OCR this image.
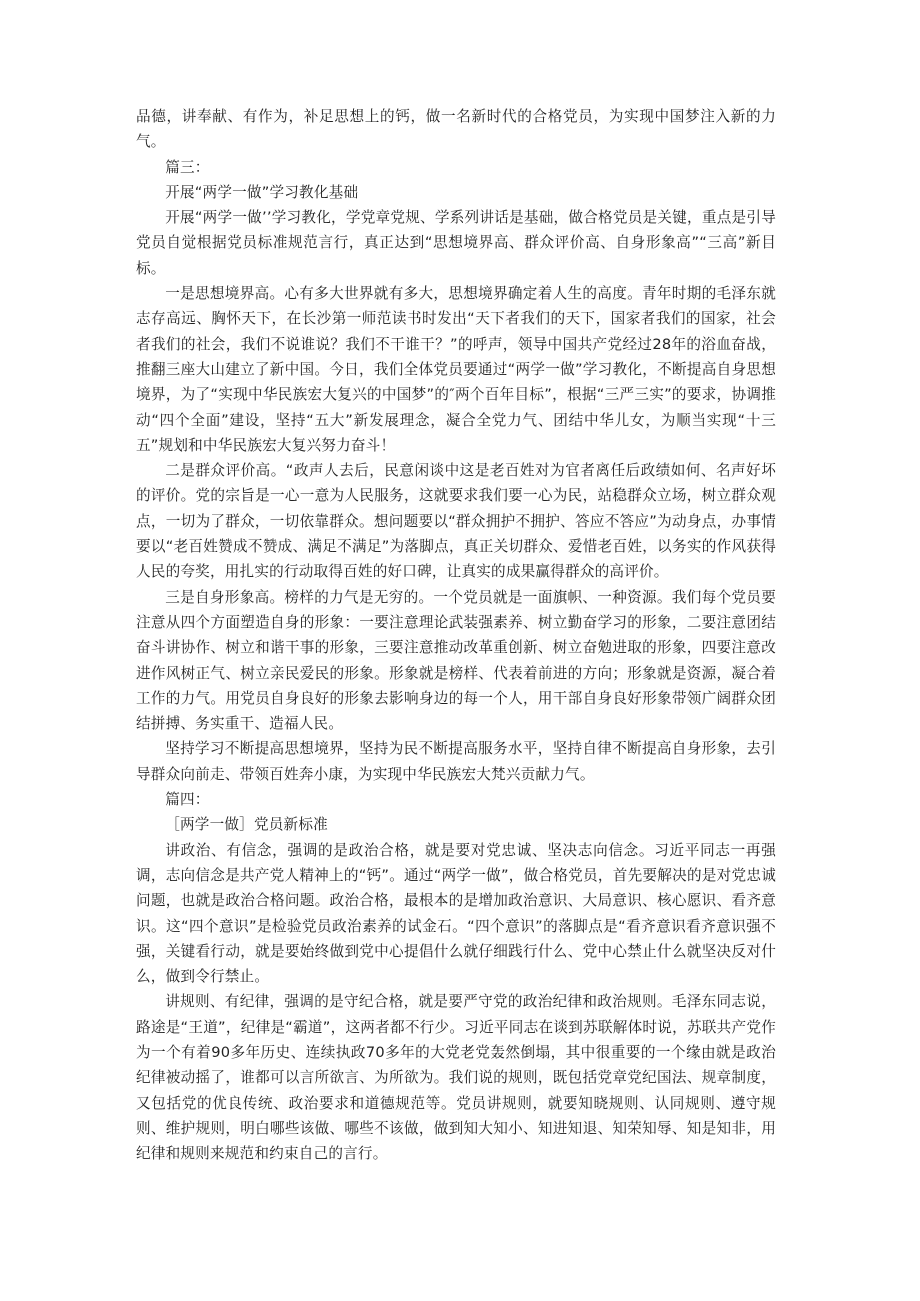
品德，讲奉献、有作为，补足思想上的钙，做一名新时代的合格党员，为实现中国梦注入新的力气。

篇三：

开展“两学一做”学习教化基础

开展“两学一做’’学习教化，学党章党规、学系列讲话是基础，做合格党员是关键，重点是引导党员自觉根据党员标准规范言行，真正达到“思想境界高、群众评价高、自身形象高”“三高”新目标。

一是思想境界高。心有多大世界就有多大，思想境界确定着人生的高度。青年时期的毛泽东就志存高远、胸怀天下，在长沙第一师范读书时发出“天下者我们的天下，国家者我们的国家，社会者我们的社会，我们不说谁说？我们不干谁干？”的呼声，领导中国共产党经过28年的浴血奋战，推翻三座大山建立了新中国。今日，我们全体党员要通过“两学一做”学习教化，不断提高自身思想境界，为了“实现中华民族宏大复兴的中国梦”的″两个百年目标”，根据“三严三实”的要求，协调推动“四个全面”建设，坚持“五大”新发展理念，凝合全党力气、团结中华儿女，为顺当实现“十三五”规划和中华民族宏大复兴努力奋斗！

二是群众评价高。“政声人去后，民意闲谈中这是老百姓对为官者离任后政绩如何、名声好坏的评价。党的宗旨是一心一意为人民服务，这就要求我们要一心为民，站稳群众立场，树立群众观点，一切为了群众，一切依靠群众。想问题要以“群众拥护不拥护、答应不答应”为动身点，办事情要以“老百姓赞成不赞成、满足不满足”为落脚点，真正关切群众、爱惜老百姓，以务实的作风获得人民的夸奖，用扎实的行动取得百姓的好口碑，让真实的成果赢得群众的高评价。

三是自身形象高。榜样的力气是无穷的。一个党员就是一面旗帜、一种资源。我们每个党员要注意从四个方面塑造自身的形象：一要注意理论武装强素养、树立勤奋学习的形象，二要注意团结奋斗讲协作、树立和谐干事的形象，三要注意推动改革重创新、树立奋勉进取的形象，四要注意改进作风树正气、树立亲民爱民的形象。形象就是榜样、代表着前进的方向；形象就是资源，凝合着工作的力气。用党员自身良好的形象去影响身边的每一个人，用干部自身良好形象带领广阔群众团结拼搏、务实重干、造福人民。

坚持学习不断提高思想境界，坚持为民不断提高服务水平，坚持自律不断提高自身形象，去引导群众向前走、带领百姓奔小康，为实现中华民族宏大梵兴贡献力气。

篇四：

［两学一做］党员新标准

讲政治、有信念，强调的是政治合格，就是要对党忠诚、坚决志向信念。习近平同志一再强调，志向信念是共产党人精神上的“钙”。通过“两学一做”，做合格党员，首先要解决的是对党忠诚问题，也就是政治合格问题。政治合格，最根本的是增加政治意识、大局意识、核心愿识、看齐意识。这“四个意识”是检验党员政治素养的试金石。“四个意识”的落脚点是“看齐意识看齐意识强不强，关键看行动，就是要始终做到党中心提倡什么就仔细践行什么、党中心禁止什么就坚决反对什么，做到令行禁止。

讲规则、有纪律，强调的是守纪合格，就是要严守党的政治纪律和政治规则。毛泽东同志说，路途是“王道”，纪律是“霸道”，这两者都不行少。习近平同志在谈到苏联解体时说，苏联共产党作为一个有着90多年历史、连续执政70多年的大党老党轰然倒塌，其中很重要的一个缘由就是政治纪律被动摇了，谁都可以言所欲言、为所欲为。我们说的规则，既包括党章党纪国法、规章制度，又包括党的优良传统、政治要求和道德规范等。党员讲规则，就要知晓规则、认同规则、遵守规则、维护规则，明白哪些该做、哪些不该做，做到知大知小、知进知退、知荣知辱、知是知非，用纪律和规则来规范和约束自己的言行。
